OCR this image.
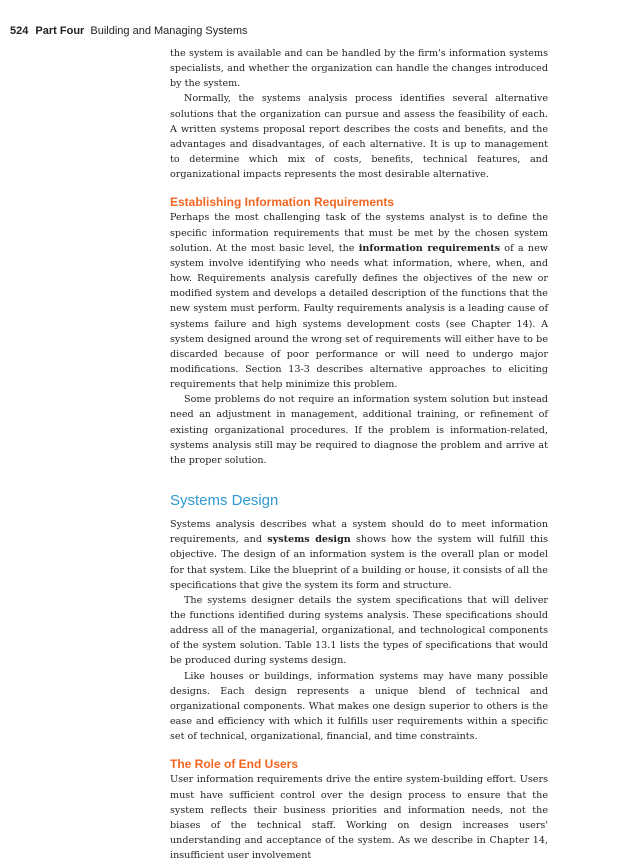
524 Part Four Building and Managing Systems

the system is available and can be handled by the firm's information systems specialists, and whether the organization can handle the changes introduced by the system.

Normally, the systems analysis process identifies several alternative solutions that the organization can pursue and assess the feasibility of each. A written systems proposal report describes the costs and benefits, and the advantages and disadvantages, of each alternative. It is up to management to determine which mix of costs, benefits, technical features, and organizational impacts represents the most desirable alternative.

Establishing Information Requirements

Perhaps the most challenging task of the systems analyst is to define the specific information requirements that must be met by the chosen system solution. At the most basic level, the information requirements of a new system involve identifying who needs what information, where, when, and how. Requirements analysis carefully defines the objectives of the new or modified system and develops a detailed description of the functions that the new system must perform. Faulty requirements analysis is a leading cause of systems failure and high systems development costs (see Chapter 14). A system designed around the wrong set of requirements will either have to be discarded because of poor performance or will need to undergo major modifications. Section 13-3 describes alternative approaches to eliciting requirements that help minimize this problem.

Some problems do not require an information system solution but instead need an adjustment in management, additional training, or refinement of existing organizational procedures. If the problem is information-related, systems analysis still may be required to diagnose the problem and arrive at the proper solution.

Systems Design

Systems analysis describes what a system should do to meet information requirements, and systems design shows how the system will fulfill this objective. The design of an information system is the overall plan or model for that system. Like the blueprint of a building or house, it consists of all the specifications that give the system its form and structure.

The systems designer details the system specifications that will deliver the functions identified during systems analysis. These specifications should address all of the managerial, organizational, and technological components of the system solution. Table 13.1 lists the types of specifications that would be produced during systems design.

Like houses or buildings, information systems may have many possible designs. Each design represents a unique blend of technical and organizational components. What makes one design superior to others is the ease and efficiency with which it fulfills user requirements within a specific set of technical, organizational, financial, and time constraints.

The Role of End Users

User information requirements drive the entire system-building effort. Users must have sufficient control over the design process to ensure that the system reflects their business priorities and information needs, not the biases of the technical staff. Working on design increases users' understanding and acceptance of the system. As we describe in Chapter 14, insufficient user involvement
